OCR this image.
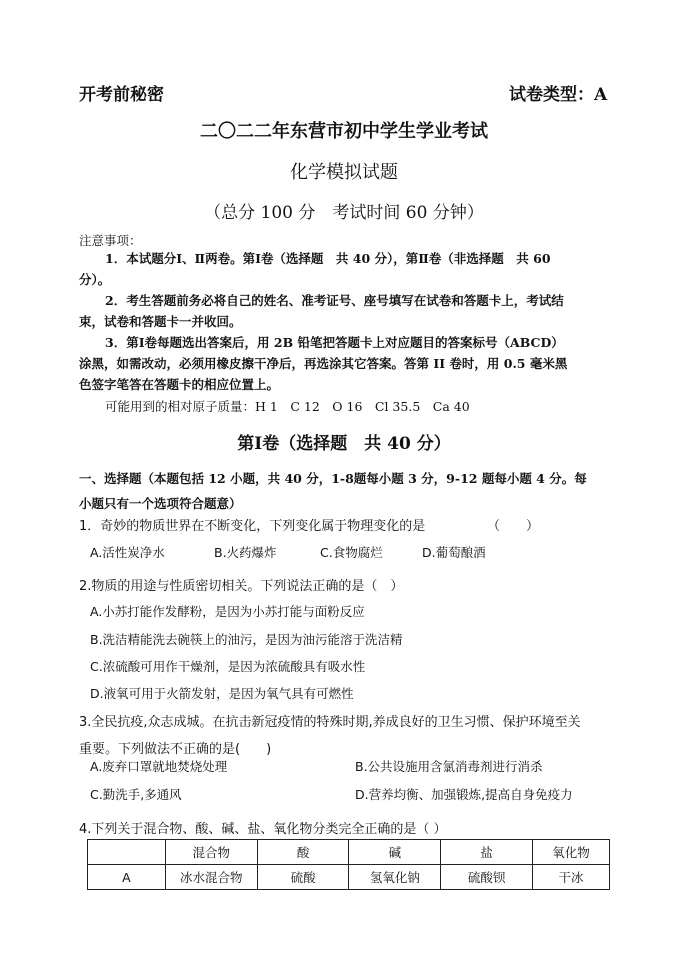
开考前秘密	试卷类型：A
二〇二二年东营市初中学生学业考试
化学模拟试题
（总分 100 分　考试时间 60 分钟）
注意事项：
1．本试题分Ⅰ、Ⅱ两卷。第Ⅰ卷（选择题　共 40 分），第Ⅱ卷（非选择题　共 60
分）。
2．考生答题前务必将自己的姓名、准考证号、座号填写在试卷和答题卡上，考试结
束，试卷和答题卡一并收回。
3．第Ⅰ卷每题选出答案后，用 2B 铅笔把答题卡上对应题目的答案标号（ABCD）
涂黑，如需改动，必须用橡皮擦干净后，再选涂其它答案。答第 II 卷时，用 0.5 毫米黑
色签字笔答在答题卡的相应位置上。
可能用到的相对原子质量：H 1　C 12　O 16　Cl 35.5　Ca 40
第Ⅰ卷（选择题　共 40 分）
一、选择题（本题包括 12 小题，共 40 分，1-8题每小题 3 分，9-12 题每小题 4 分。每
小题只有一个选项符合题意）
1．奇妙的物质世界在不断变化，下列变化属于物理变化的是	（　　）
A.活性炭净水	B.火药爆炸	C.食物腐烂	D.葡萄酿酒
2.物质的用途与性质密切相关。下列说法正确的是（　）
A.小苏打能作发酵粉，是因为小苏打能与面粉反应
B.洗洁精能洗去碗筷上的油污，是因为油污能溶于洗洁精
C.浓硫酸可用作干燥剂，是因为浓硫酸具有吸水性
D.液氧可用于火箭发射，是因为氧气具有可燃性
3.全民抗疫,众志成城。在抗击新冠疫情的特殊时期,养成良好的卫生习惯、保护环境至关
重要。下列做法不正确的是(　　)
A.废弃口罩就地焚烧处理	B.公共设施用含氯消毒剂进行消杀
C.勤洗手,多通风	D.营养均衡、加强锻炼,提高自身免疫力
4.下列关于混合物、酸、碱、盐、氧化物分类完全正确的是（ ）
	混合物	酸	碱	盐	氧化物
A	冰水混合物	硫酸	氢氧化钠	硫酸钡	干冰
